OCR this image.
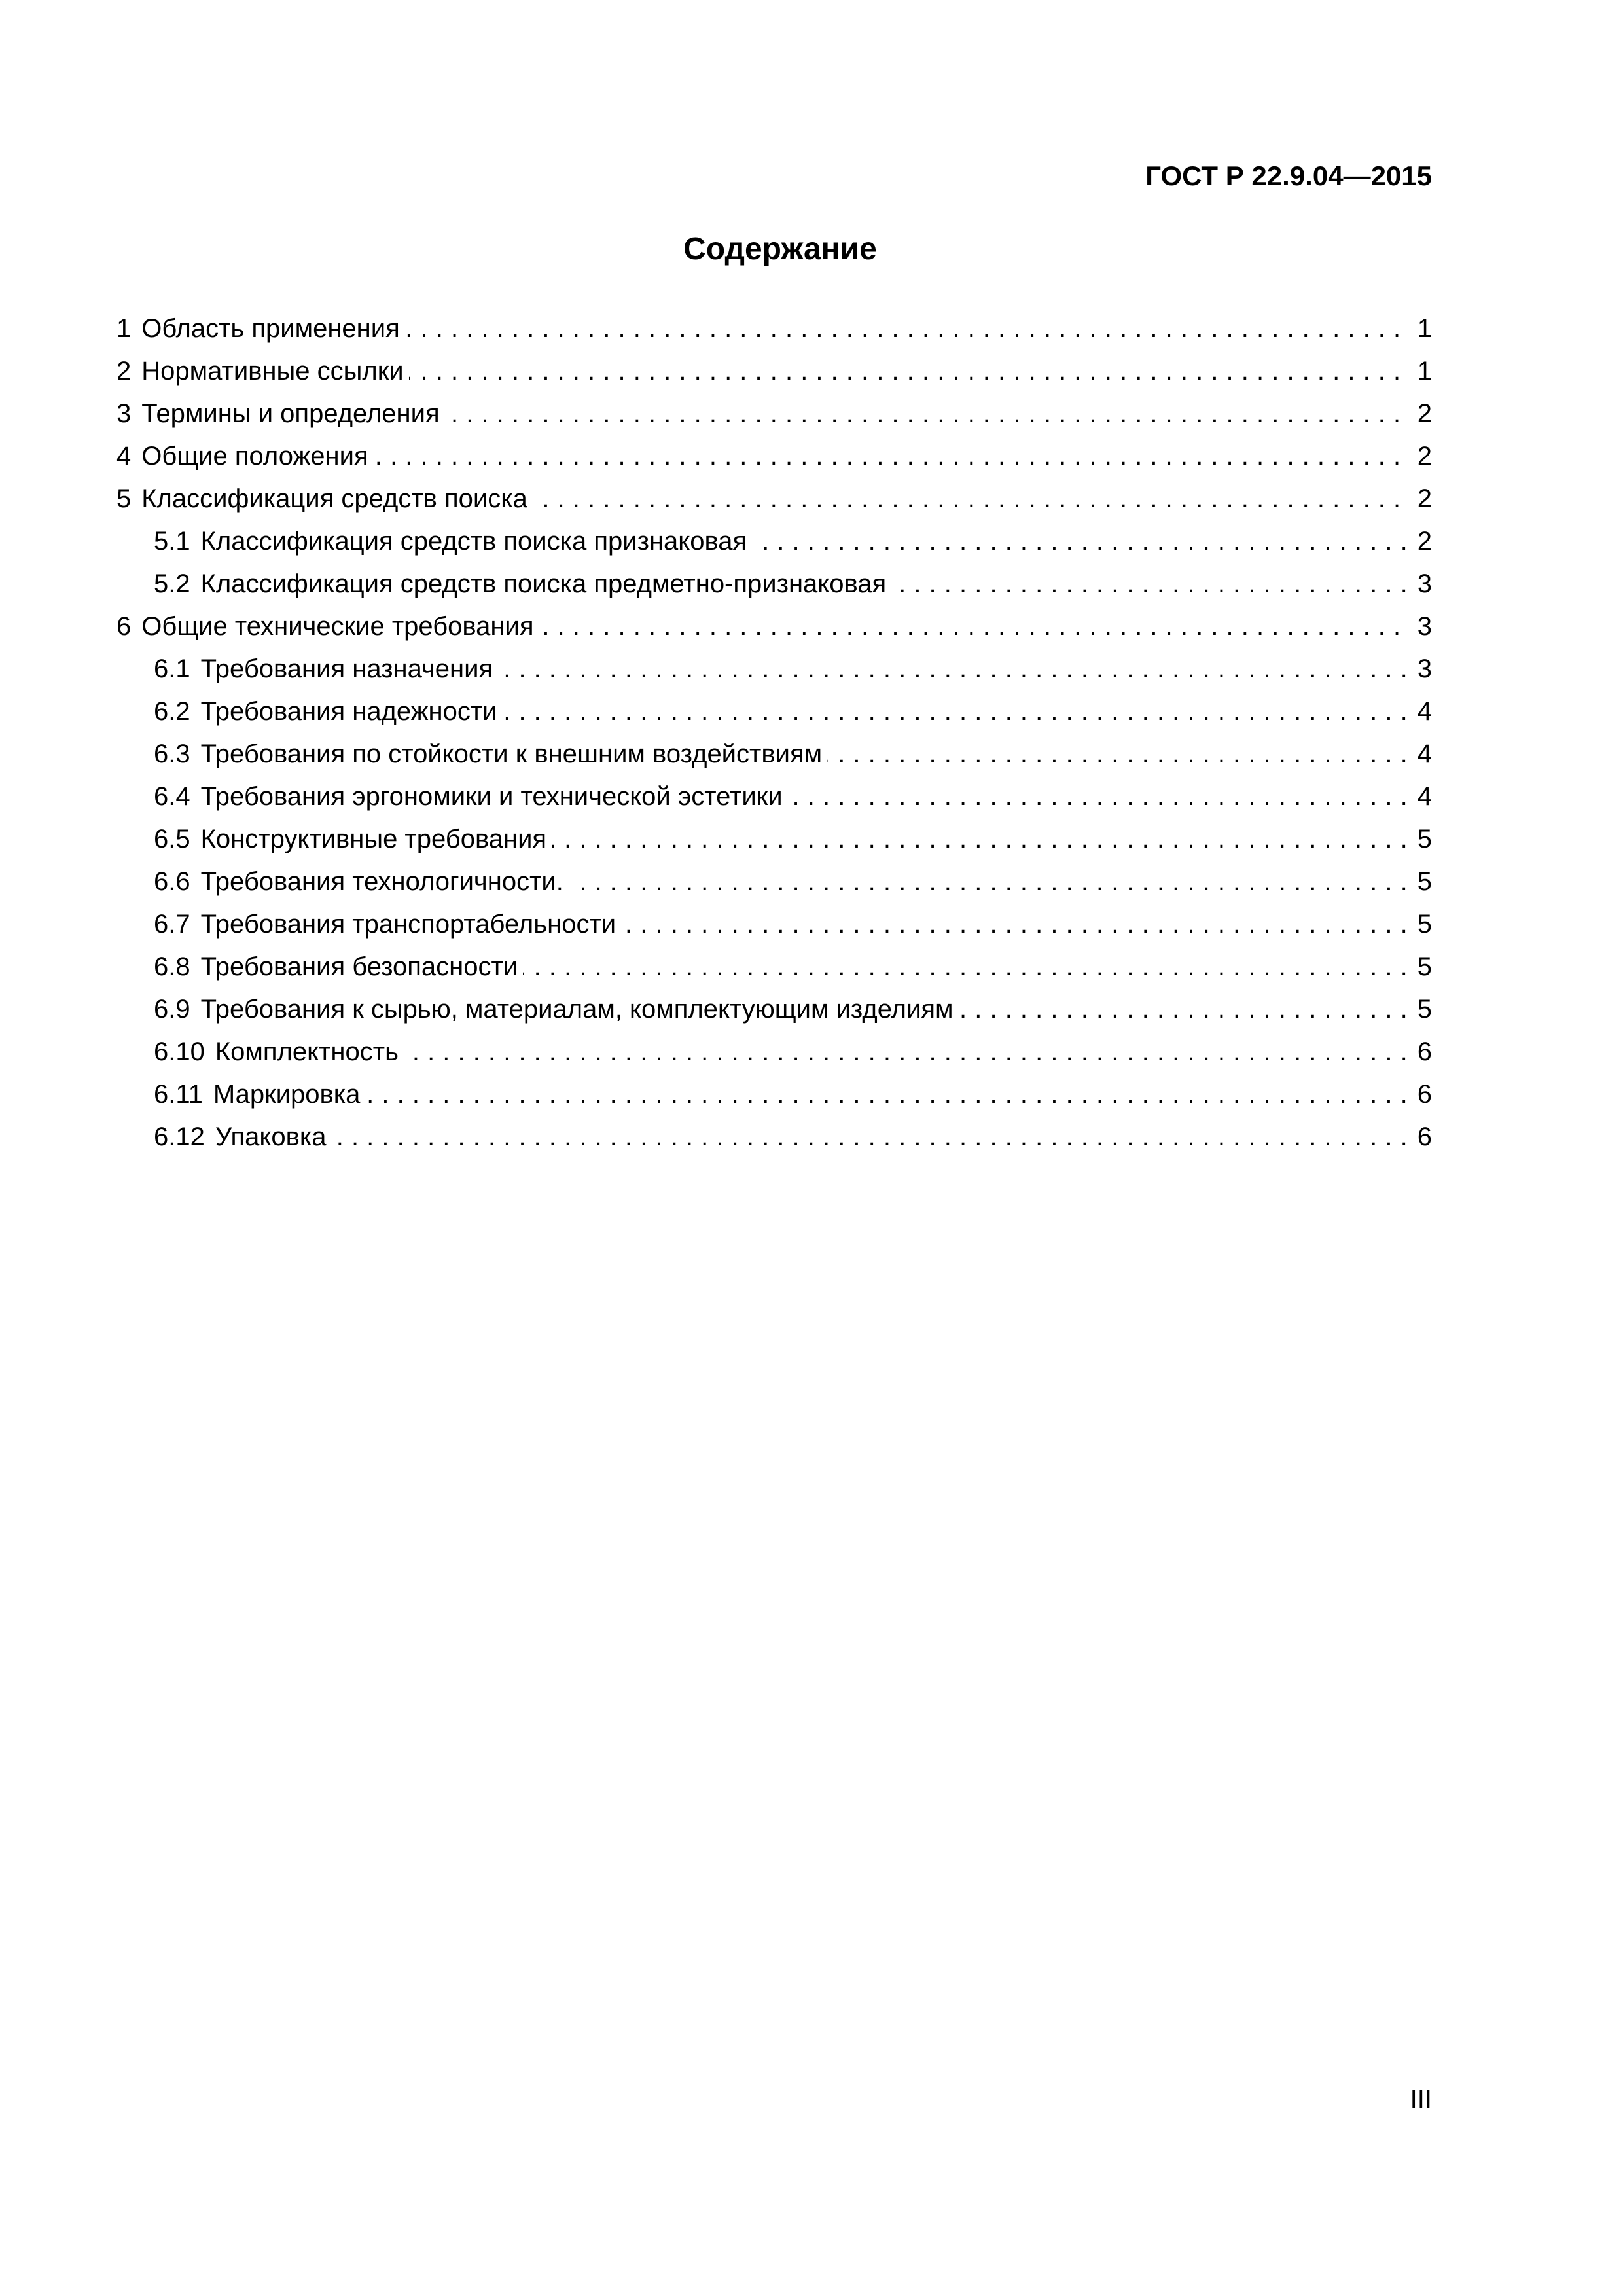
ГОСТ Р 22.9.04—2015
Содержание
1 Область применения	1
. . .
2 Нормативные ссылки	1
. . .
3 Термины и определения	2
. . .
4 Общие положения	2
. . .
5 Классификация средств поиска	2
. . .
5.1 Классификация средств поиска признаковая	2
. . .
5.2 Классификация средств поиска предметно-признаковая	3
. . .
6 Общие технические требования	3
. . .
6.1 Требования назначения	3
. . .
6.2 Требования надежности	4
. . .
6.3 Требования по стойкости к внешним воздействиям	4
. . .
6.4 Требования эргономики и технической эстетики	4
. . .
6.5 Конструктивные требования	5
. . .
6.6 Требования технологичности.	5
. . .
6.7 Требования транспортабельности	5
. . .
6.8 Требования безопасности	5
. . .
6.9 Требования к сырью, материалам, комплектующим изделиям	5
. . .
6.10 Комплектность	6
. . .
6.11 Маркировка	6
. . .
6.12 Упаковка	6
. . .
III
